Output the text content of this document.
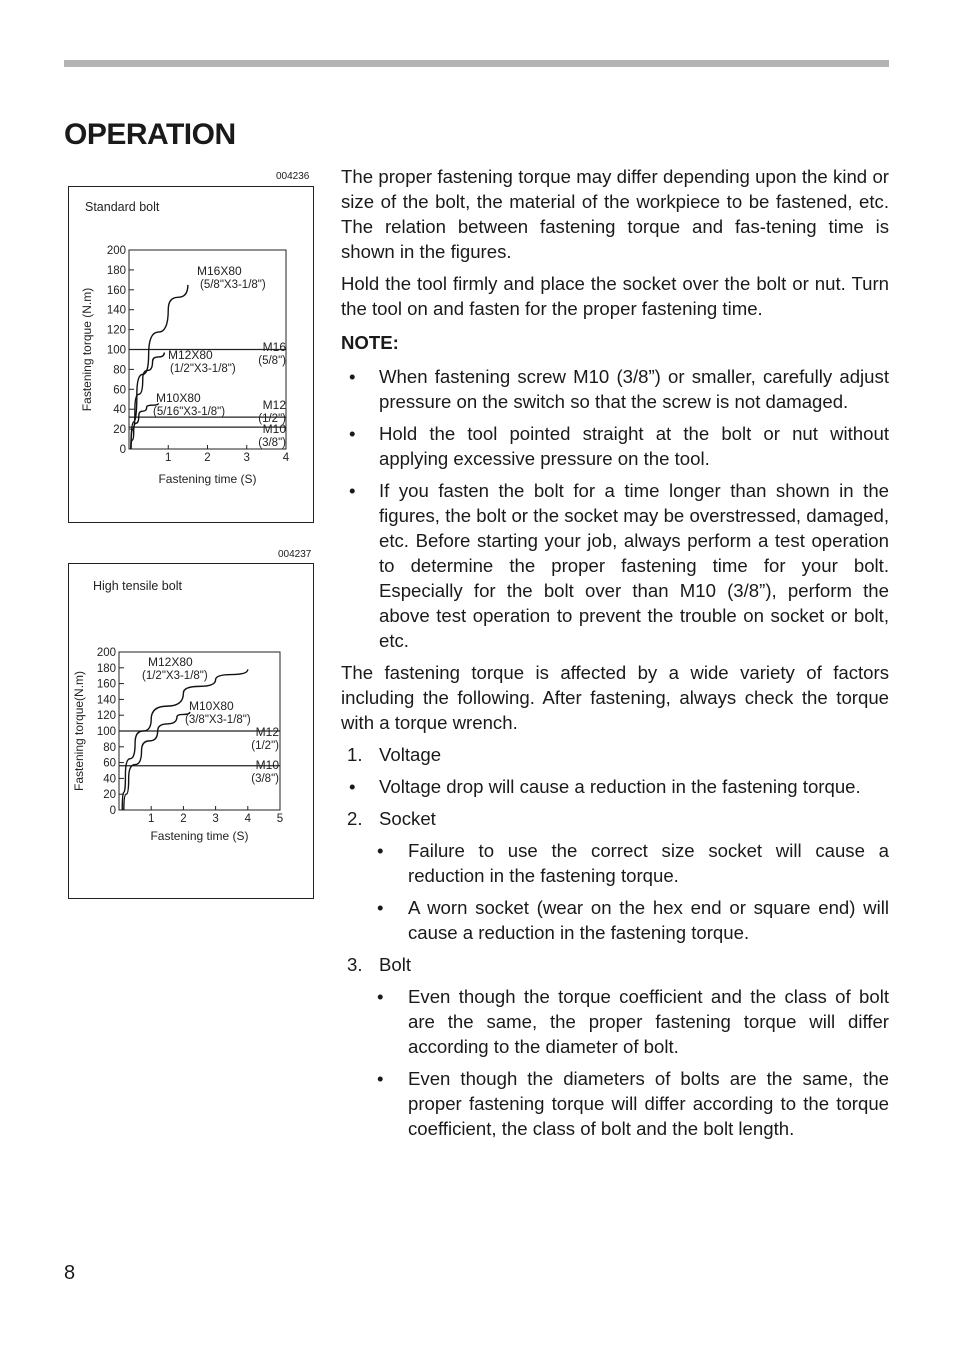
OPERATION
004236
Standard bolt
0
20
40
60
80
100
120
140
160
180
200
1	2	3	4
Fastening time (S)
Fastening torque (N.m)	M16
(5/8")
M12
(1/2")
M10
(3/8")
M16X80
(5/8"X3-1/8")
M12X80
(1/2"X3-1/8")
M10X80
(5/16"X3-1/8")
004237
High tensile bolt
0
20
40
60
80
100
120
140
160
180
200
1 2 3 4 5
Fastening time (S)
Fastening torque(N.m)	M12
(1/2")
M10
(3/8")
M12X80
(1/2"X3-1/8")
M10X80
(3/8"X3-1/8")

The proper fastening torque may differ depending upon the kind or size of the bolt, the material of the workpiece to be fastened, etc. The relation between fastening torque and fas-tening time is shown in the figures.

Hold the tool firmly and place the socket over the bolt or nut. Turn the tool on and fasten for the proper fastening time.

NOTE:
• When fastening screw M10 (3/8”) or smaller, carefully adjust pressure on the switch so that the screw is not damaged.
• Hold the tool pointed straight at the bolt or nut without applying excessive pressure on the tool.
• If you fasten the bolt for a time longer than shown in the figures, the bolt or the socket may be overstressed, damaged, etc. Before starting your job, always perform a test operation to determine the proper fastening time for your bolt. Especially for the bolt over than M10 (3/8”), perform the above test operation to prevent the trouble on socket or bolt, etc.

The fastening torque is affected by a wide variety of factors including the following. After fastening, always check the torque with a torque wrench.

1. Voltage
• Voltage drop will cause a reduction in the fastening torque.
2. Socket
• Failure to use the correct size socket will cause a reduction in the fastening torque.
• A worn socket (wear on the hex end or square end) will cause a reduction in the fastening torque.
3. Bolt
• Even though the torque coefficient and the class of bolt are the same, the proper fastening torque will differ according to the diameter of bolt.
• Even though the diameters of bolts are the same, the proper fastening torque will differ according to the torque coefficient, the class of bolt and the bolt length.
8
